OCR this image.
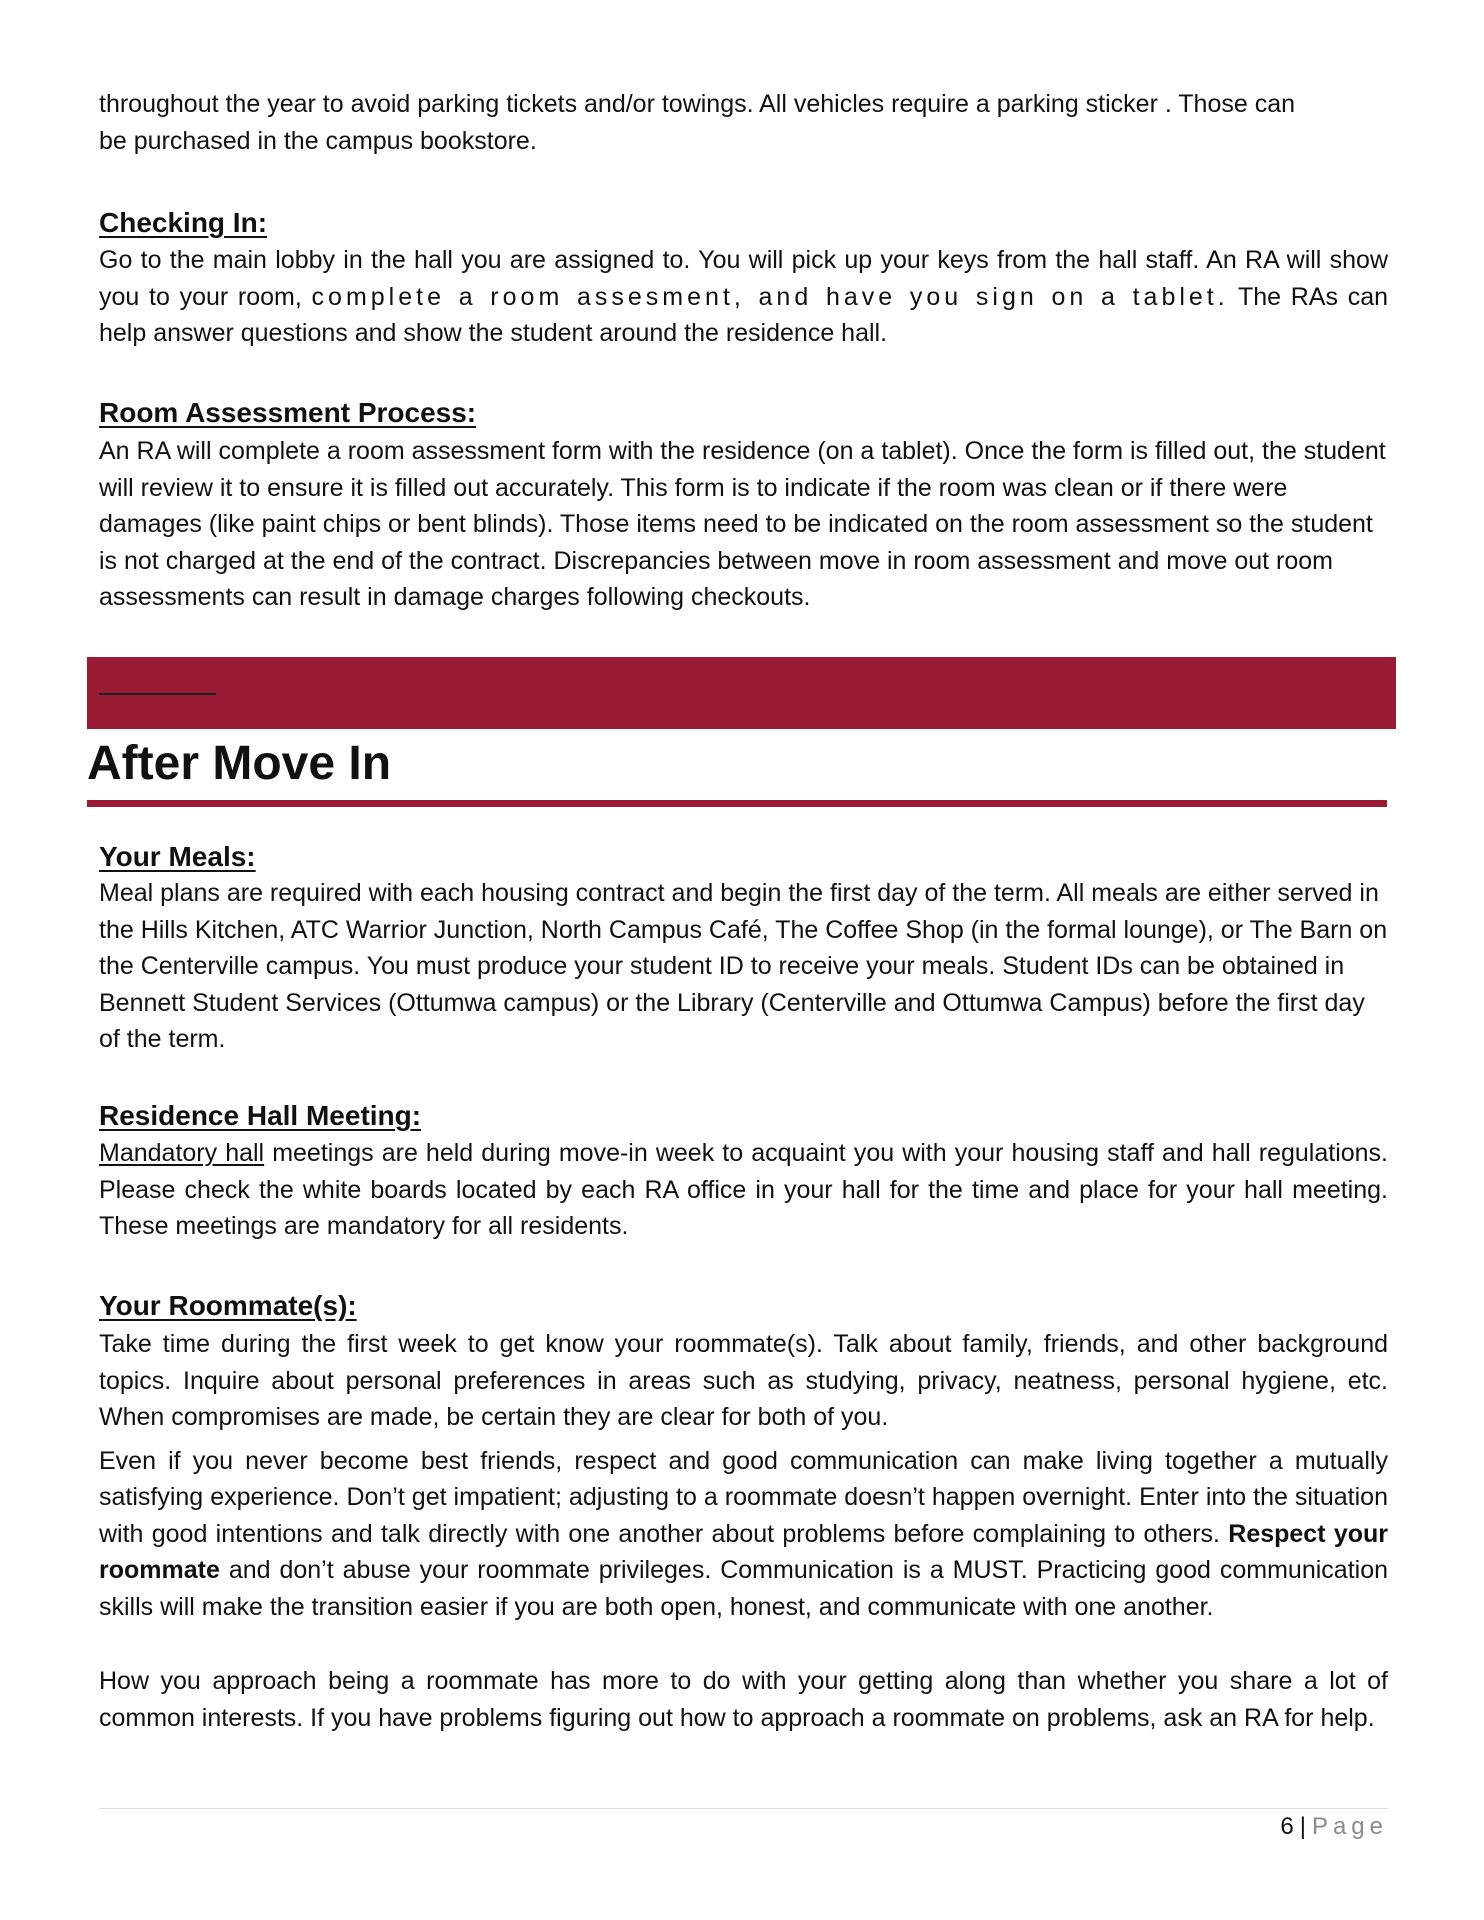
throughout the year to avoid parking tickets and/or towings. All vehicles require a parking sticker . Those can

be purchased in the campus bookstore.

Checking In:

Go to the main lobby in the hall you are assigned to. You will pick up your keys from the hall staff. An RA will show you to your room, complete a room assesment, and have you sign on a tablet. The RAs can help answer questions and show the student around the residence hall.

Room Assessment Process:

An RA will complete a room assessment form with the residence (on a tablet). Once the form is filled out, the student will review it to ensure it is filled out accurately. This form is to indicate if the room was clean or if there were damages (like paint chips or bent blinds). Those items need to be indicated on the room assessment so the student is not charged at the end of the contract. Discrepancies between move in room assessment and move out room assessments can result in damage charges following checkouts.

After Move In
Your Meals:

Meal plans are required with each housing contract and begin the first day of the term. All meals are either served in the Hills Kitchen, ATC Warrior Junction, North Campus Café, The Coffee Shop (in the formal lounge), or The Barn on the Centerville campus. You must produce your student ID to receive your meals. Student IDs can be obtained in Bennett Student Services (Ottumwa campus) or the Library (Centerville and Ottumwa Campus) before the first day of the term.

Residence Hall Meeting:

Mandatory hall meetings are held during move-in week to acquaint you with your housing staff and hall regulations. Please check the white boards located by each RA office in your hall for the time and place for your hall meeting. These meetings are mandatory for all residents.

Your Roommate(s):

Take time during the first week to get know your roommate(s). Talk about family, friends, and other background topics. Inquire about personal preferences in areas such as studying, privacy, neatness, personal hygiene, etc. When compromises are made, be certain they are clear for both of you.

Even if you never become best friends, respect and good communication can make living together a mutually satisfying experience. Don’t get impatient; adjusting to a roommate doesn’t happen overnight. Enter into the situation with good intentions and talk directly with one another about problems before complaining to others. Respect your roommate and don’t abuse your roommate privileges. Communication is a MUST. Practicing good communication skills will make the transition easier if you are both open, honest, and communicate with one another.

How you approach being a roommate has more to do with your getting along than whether you share a lot of common interests. If you have problems figuring out how to approach a roommate on problems, ask an RA for help.

6 | Page
